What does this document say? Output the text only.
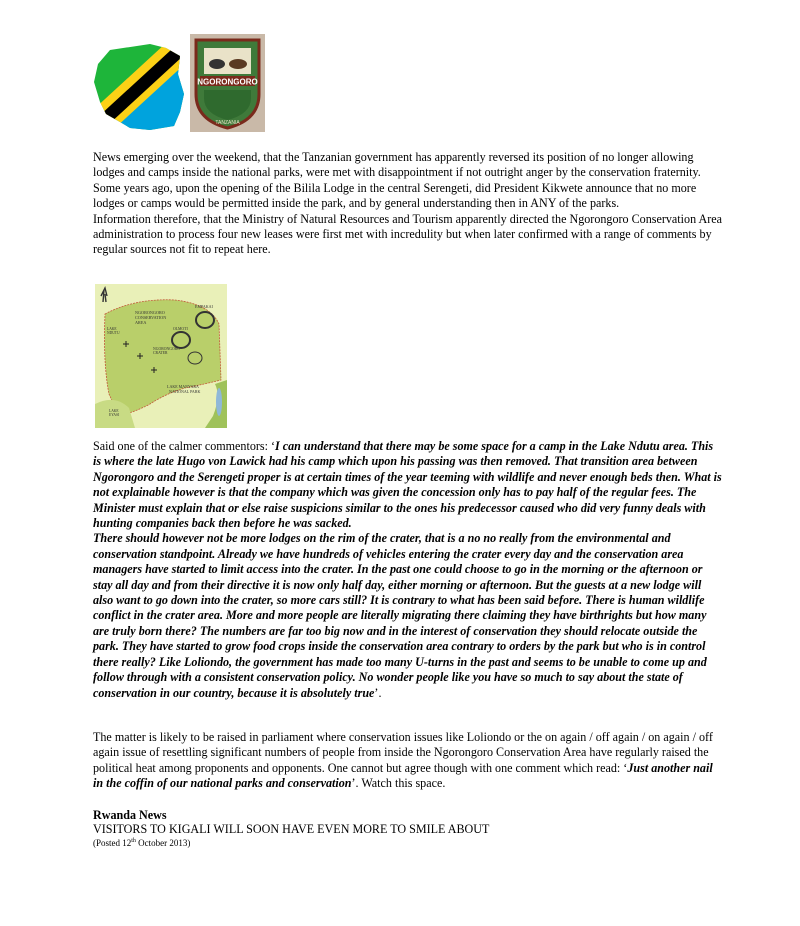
NGORONGORO
TANZANIA

News emerging over the weekend, that the Tanzanian government has apparently reversed its position of no longer allowing lodges and camps inside the national parks, were met with disappointment if not outright anger by the conservation fraternity. Some years ago, upon the opening of the Bilila Lodge in the central Serengeti, did President Kikwete announce that no more lodges or camps would be permitted inside the park, and by general understanding then in ANY of the parks.

Information therefore, that the Ministry of Natural Resources and Tourism apparently directed the Ngorongoro Conservation Area administration to process four new leases were first met with incredulity but when later confirmed with a range of comments by regular sources not fit to repeat here.

NGORONGORO
CONSERVATION
AREA
EMPAKAI
OLMOTI
NGORONGORO
CRATER
LAKE MANYARA
NATIONAL PARK
LAKE
NDUTU
LAKE
EYASI

Said one of the calmer commentors: ‘I can understand that there may be some space for a camp in the Lake Ndutu area. This is where the late Hugo von Lawick had his camp which upon his passing was then removed. That transition area between Ngorongoro and the Serengeti proper is at certain times of the year teeming with wildlife and never enough beds then. What is not explainable however is that the company which was given the concession only has to pay half of the regular fees. The Minister must explain that or else raise suspicions similar to the ones his predecessor caused who did very funny deals with hunting companies back then before he was sacked.

There should however not be more lodges on the rim of the crater, that is a no no really from the environmental and conservation standpoint. Already we have hundreds of vehicles entering the crater every day and the conservation area managers have started to limit access into the crater. In the past one could choose to go in the morning or the afternoon or stay all day and from their directive it is now only half day, either morning or afternoon. But the guests at a new lodge will also want to go down into the crater, so more cars still? It is contrary to what has been said before. There is human wildlife conflict in the crater area. More and more people are literally migrating there claiming they have birthrights but how many are truly born there? The numbers are far too big now and in the interest of conservation they should relocate outside the park. They have started to grow food crops inside the conservation area contrary to orders by the park but who is in control there really? Like Loliondo, the government has made too many U-turns in the past and seems to be unable to come up and follow through with a consistent conservation policy. No wonder people like you have so much to say about the state of conservation in our country, because it is absolutely true’.

The matter is likely to be raised in parliament where conservation issues like Loliondo or the on again / off again / on again / off again issue of resettling significant numbers of people from inside the Ngorongoro Conservation Area have regularly raised the political heat among proponents and opponents. One cannot but agree though with one comment which read: ‘Just another nail in the coffin of our national parks and conservation’. Watch this space.

Rwanda News
VISITORS TO KIGALI WILL SOON HAVE EVEN MORE TO SMILE ABOUT
(Posted 12th October 2013)
